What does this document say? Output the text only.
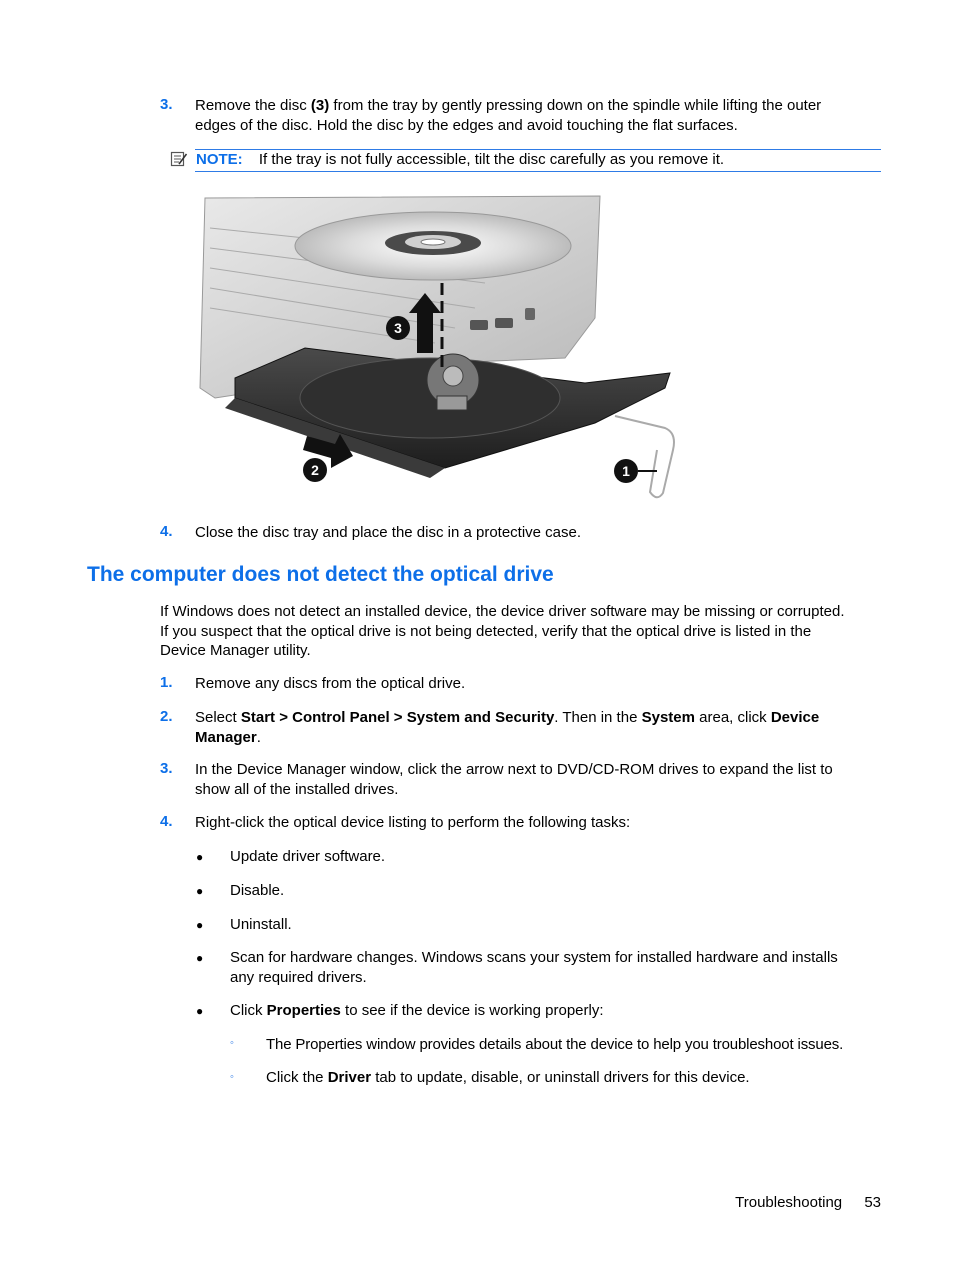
3. Remove the disc (3) from the tray by gently pressing down on the spindle while lifting the outer
edges of the disc. Hold the disc by the edges and avoid touching the flat surfaces.
NOTE: If the tray is not fully accessible, tilt the disc carefully as you remove it.
3
2	1
4. Close the disc tray and place the disc in a protective case.
The computer does not detect the optical drive
If Windows does not detect an installed device, the device driver software may be missing or corrupted.
If you suspect that the optical drive is not being detected, verify that the optical drive is listed in the
Device Manager utility.
1. Remove any discs from the optical drive.
2. Select Start > Control Panel > System and Security. Then in the System area, click Device
Manager.
3. In the Device Manager window, click the arrow next to DVD/CD-ROM drives to expand the list to
show all of the installed drives.
4. Right-click the optical device listing to perform the following tasks:
● Update driver software.
● Disable.
● Uninstall.
● Scan for hardware changes. Windows scans your system for installed hardware and installs
any required drivers.
● Click Properties to see if the device is working properly:
◦ The Properties window provides details about the device to help you troubleshoot issues.
◦ Click the Driver tab to update, disable, or uninstall drivers for this device.
Troubleshooting 53
